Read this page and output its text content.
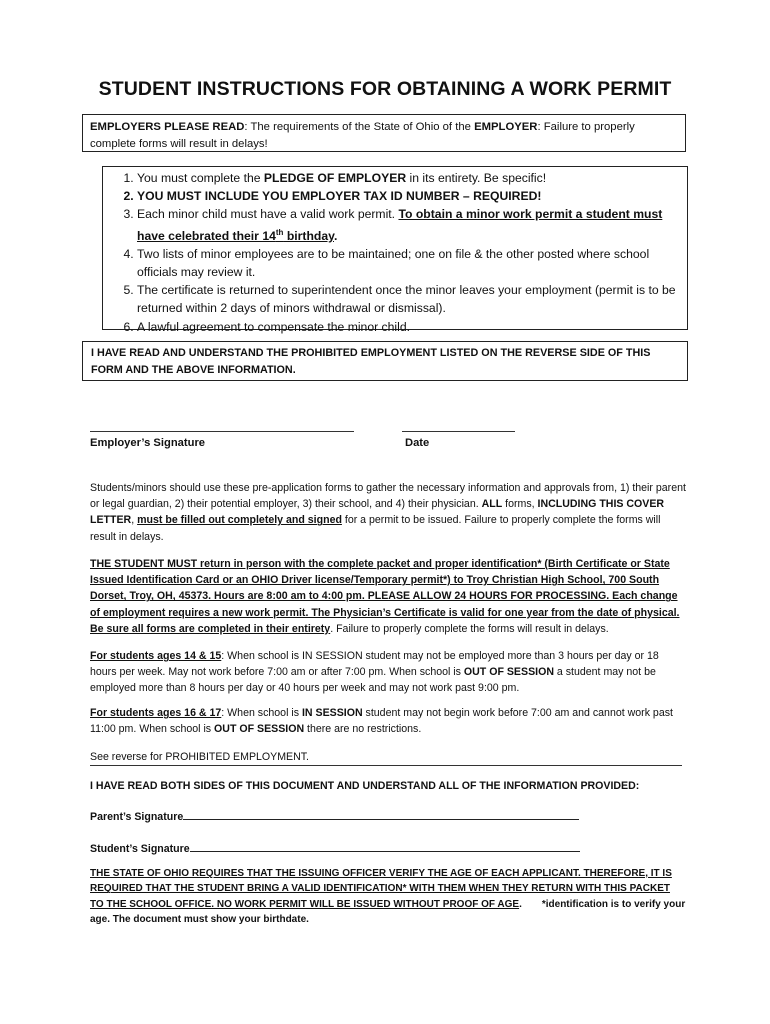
STUDENT INSTRUCTIONS FOR OBTAINING A WORK PERMIT
EMPLOYERS PLEASE READ: The requirements of the State of Ohio of the EMPLOYER: Failure to properly complete forms will result in delays!
1. You must complete the PLEDGE OF EMPLOYER in its entirety. Be specific!
2. YOU MUST INCLUDE YOU EMPLOYER TAX ID NUMBER – REQUIRED!
3. Each minor child must have a valid work permit. To obtain a minor work permit a student must have celebrated their 14th birthday.
4. Two lists of minor employees are to be maintained; one on file & the other posted where school officials may review it.
5. The certificate is returned to superintendent once the minor leaves your employment (permit is to be returned within 2 days of minors withdrawal or dismissal).
6. A lawful agreement to compensate the minor child.
I HAVE READ AND UNDERSTAND THE PROHIBITED EMPLOYMENT LISTED ON THE REVERSE SIDE OF THIS FORM AND THE ABOVE INFORMATION.
Employer’s Signature	Date
Students/minors should use these pre-application forms to gather the necessary information and approvals from, 1) their parent or legal guardian, 2) their potential employer, 3) their school, and 4) their physician. ALL forms, INCLUDING THIS COVER LETTER, must be filled out completely and signed for a permit to be issued. Failure to properly complete the forms will result in delays.
THE STUDENT MUST return in person with the complete packet and proper identification* (Birth Certificate or State Issued Identification Card or an OHIO Driver license/Temporary permit*) to Troy Christian High School, 700 South Dorset, Troy, OH, 45373. Hours are 8:00 am to 4:00 pm. PLEASE ALLOW 24 HOURS FOR PROCESSING. Each change of employment requires a new work permit. The Physician’s Certificate is valid for one year from the date of physical. Be sure all forms are completed in their entirety. Failure to properly complete the forms will result in delays.
For students ages 14 & 15: When school is IN SESSION student may not be employed more than 3 hours per day or 18 hours per week. May not work before 7:00 am or after 7:00 pm. When school is OUT OF SESSION a student may not be employed more than 8 hours per day or 40 hours per week and may not work past 9:00 pm.
For students ages 16 & 17: When school is IN SESSION student may not begin work before 7:00 am and cannot work past 11:00 pm. When school is OUT OF SESSION there are no restrictions.
See reverse for PROHIBITED EMPLOYMENT.
I HAVE READ BOTH SIDES OF THIS DOCUMENT AND UNDERSTAND ALL OF THE INFORMATION PROVIDED:
Parent’s Signature
Student’s Signature
THE STATE OF OHIO REQUIRES THAT THE ISSUING OFFICER VERIFY THE AGE OF EACH APPLICANT. THEREFORE, IT IS REQUIRED THAT THE STUDENT BRING A VALID IDENTIFICATION* WITH THEM WHEN THEY RETURN WITH THIS PACKET TO THE SCHOOL OFFICE. NO WORK PERMIT WILL BE ISSUED WITHOUT PROOF OF AGE. *identification is to verify your age. The document must show your birthdate.
